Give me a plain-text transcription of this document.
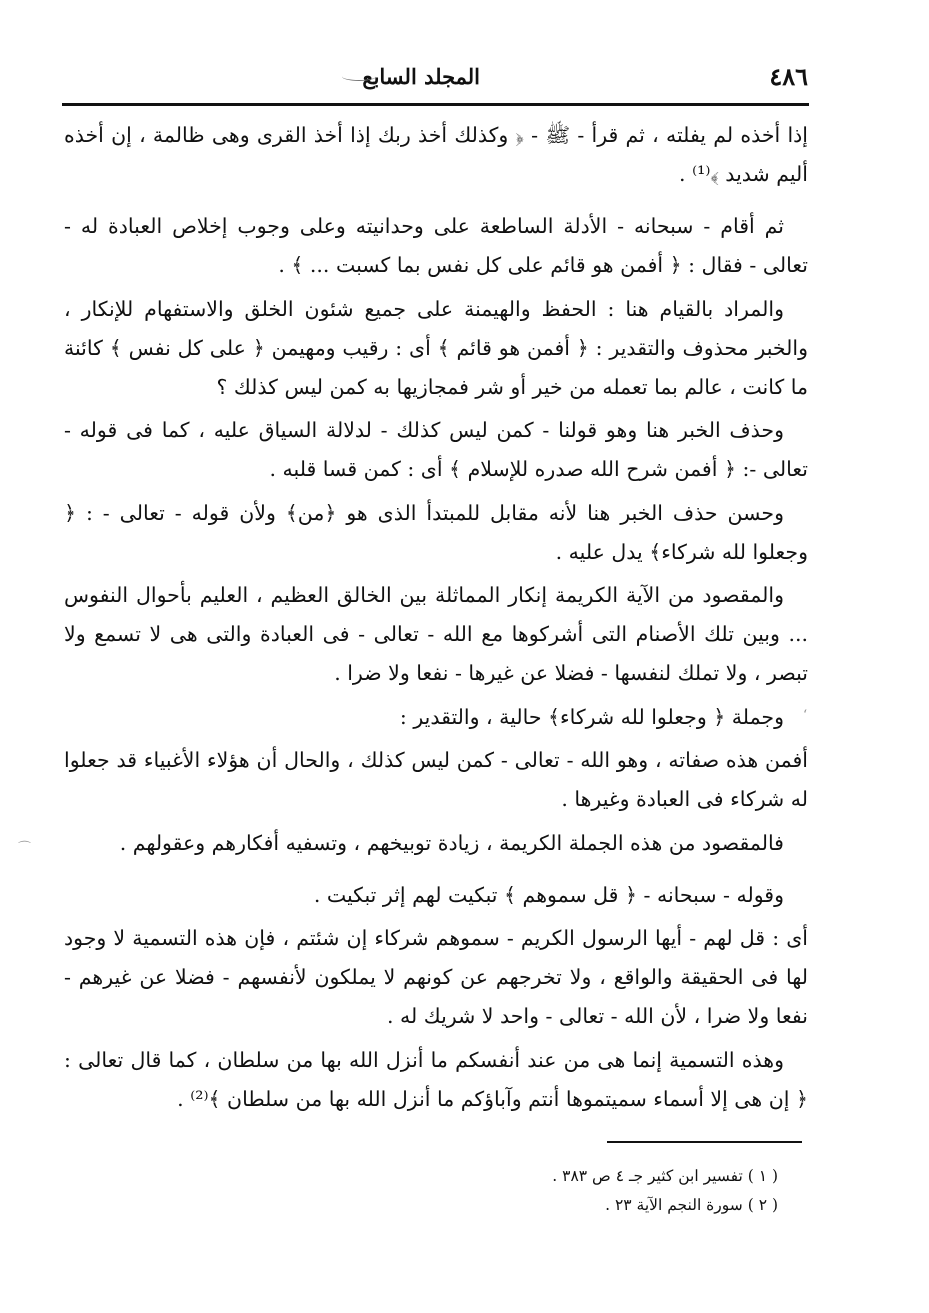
٤٨٦
المجلد السابع

إذا أخذه لم يفلته ، ثم قرأ - ﷺ - ﴿ وكذلك أخذ ربك إذا أخذ القرى وهى ظالمة ، إن أخذه أليم شديد ﴾⁽¹⁾ .

ثم أقام - سبحانه - الأدلة الساطعة على وحدانيته وعلى وجوب إخلاص العبادة له - تعالى - فقال : ﴿ أفمن هو قائم على كل نفس بما كسبت ... ﴾ .

والمراد بالقيام هنا : الحفظ والهيمنة على جميع شئون الخلق والاستفهام للإنكار ، والخبر محذوف والتقدير : ﴿ أفمن هو قائم ﴾ أى : رقيب ومهيمن ﴿ على كل نفس ﴾ كائنة ما كانت ، عالم بما تعمله من خير أو شر فمجازيها به كمن ليس كذلك ؟

وحذف الخبر هنا وهو قولنا - كمن ليس كذلك - لدلالة السياق عليه ، كما فى قوله - تعالى -: ﴿ أفمن شرح الله صدره للإسلام ﴾ أى : كمن قسا قلبه .

وحسن حذف الخبر هنا لأنه مقابل للمبتدأ الذى هو ﴿من﴾ ولأن قوله - تعالى - : ﴿ وجعلوا لله شركاء﴾ يدل عليه .

والمقصود من الآية الكريمة إنكار المماثلة بين الخالق العظيم ، العليم بأحوال النفوس ... وبين تلك الأصنام التى أشركوها مع الله - تعالى - فى العبادة والتى هى لا تسمع ولا تبصر ، ولا تملك لنفسها - فضلا عن غيرها - نفعا ولا ضرا .

وجملة ﴿ وجعلوا لله شركاء﴾ حالية ، والتقدير :

أفمن هذه صفاته ، وهو الله - تعالى - كمن ليس كذلك ، والحال أن هؤلاء الأغبياء قد جعلوا له شركاء فى العبادة وغيرها .

فالمقصود من هذه الجملة الكريمة ، زيادة توبيخهم ، وتسفيه أفكارهم وعقولهم .

وقوله - سبحانه - ﴿ قل سموهم ﴾ تبكيت لهم إثر تبكيت .

أى : قل لهم - أيها الرسول الكريم - سموهم شركاء إن شئتم ، فإن هذه التسمية لا وجود لها فى الحقيقة والواقع ، ولا تخرجهم عن كونهم لا يملكون لأنفسهم - فضلا عن غيرهم - نفعا ولا ضرا ، لأن الله - تعالى - واحد لا شريك له .

وهذه التسمية إنما هى من عند أنفسكم ما أنزل الله بها من سلطان ، كما قال تعالى : ﴿ إن هى إلا أسماء سميتموها أنتم وآباؤكم ما أنزل الله بها من سلطان ﴾⁽²⁾ .

( ١ ) تفسير ابن كثير جـ ٤ ص ٣٨٣ .
( ٢ ) سورة النجم الآية ٢٣ .
ʻ
⌒
